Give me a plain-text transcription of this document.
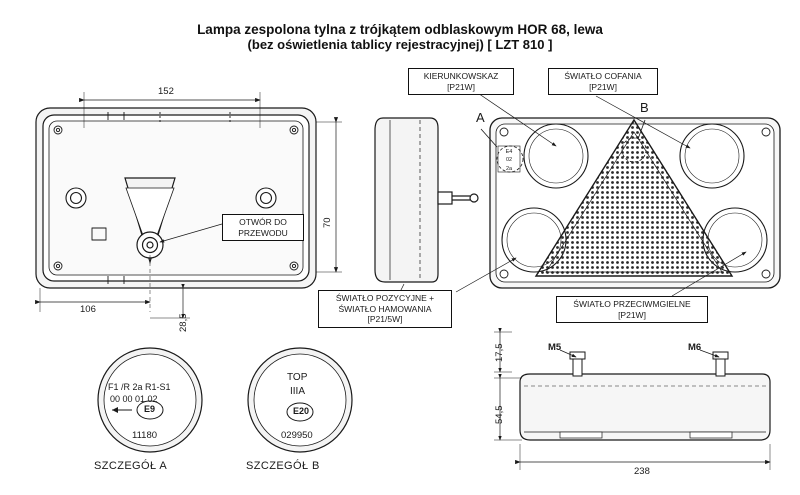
Lampa zespolona tylna z trójkątem odblaskowym HOR 68, lewa
(bez oświetlenia tablicy rejestracyjnej) [ LZT 810 ]
KIERUNKOWSKAZ
[P21W]
ŚWIATŁO COFANIA
[P21W]
OTWÓR DO
PRZEWODU
ŚWIATŁO POZYCYJNE +
ŚWIATŁO HAMOWANIA
[P21/5W]
ŚWIATŁO PRZECIWMGIELNE
[P21W]
A
B
152
106
70
28,5
238
54,5
17,5	M5	M6
E4
02
2a
F1 /R 2a R1-S1
00 00 01 02
E9
11180
SZCZEGÓŁ A
TOP
IIIA
E20
029950
SZCZEGÓŁ B
